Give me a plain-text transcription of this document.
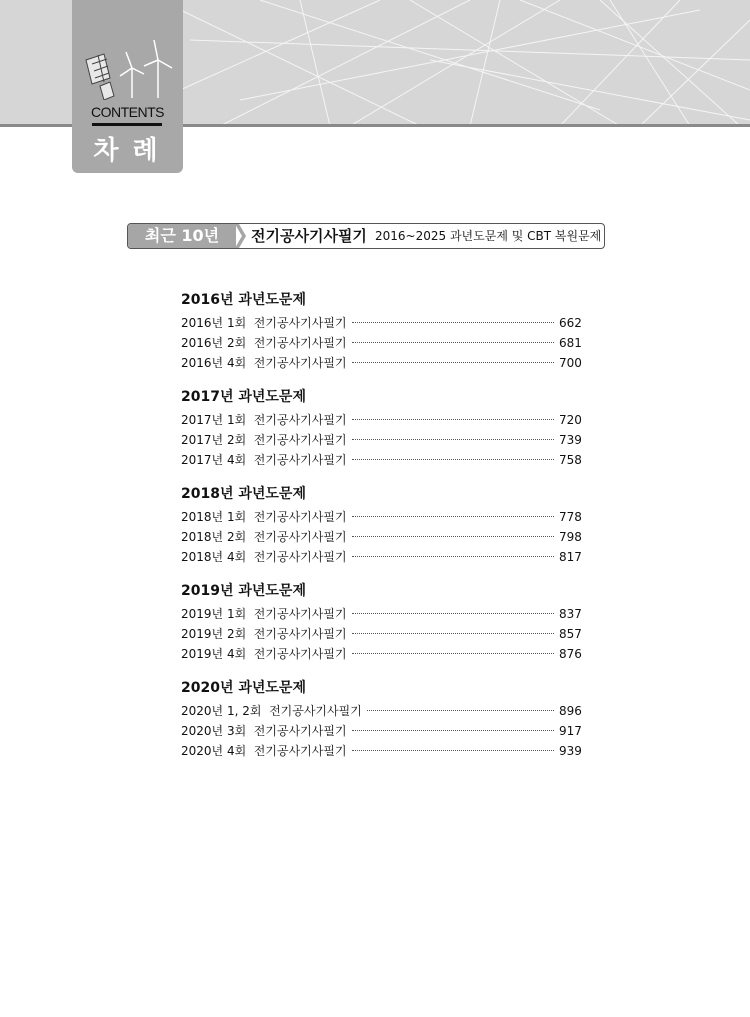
CONTENTS
차례
최근 10년	전기공사기사필기 2016~2025 과년도문제 및 CBT 복원문제
2016년 과년도문제
2016년 1회  전기공사기사필기	662
2016년 2회  전기공사기사필기	681
2016년 4회  전기공사기사필기	700
2017년 과년도문제
2017년 1회  전기공사기사필기	720
2017년 2회  전기공사기사필기	739
2017년 4회  전기공사기사필기	758
2018년 과년도문제
2018년 1회  전기공사기사필기	778
2018년 2회  전기공사기사필기	798
2018년 4회  전기공사기사필기	817
2019년 과년도문제
2019년 1회  전기공사기사필기	837
2019년 2회  전기공사기사필기	857
2019년 4회  전기공사기사필기	876
2020년 과년도문제
2020년 1, 2회  전기공사기사필기	896
2020년 3회  전기공사기사필기	917
2020년 4회  전기공사기사필기	939
